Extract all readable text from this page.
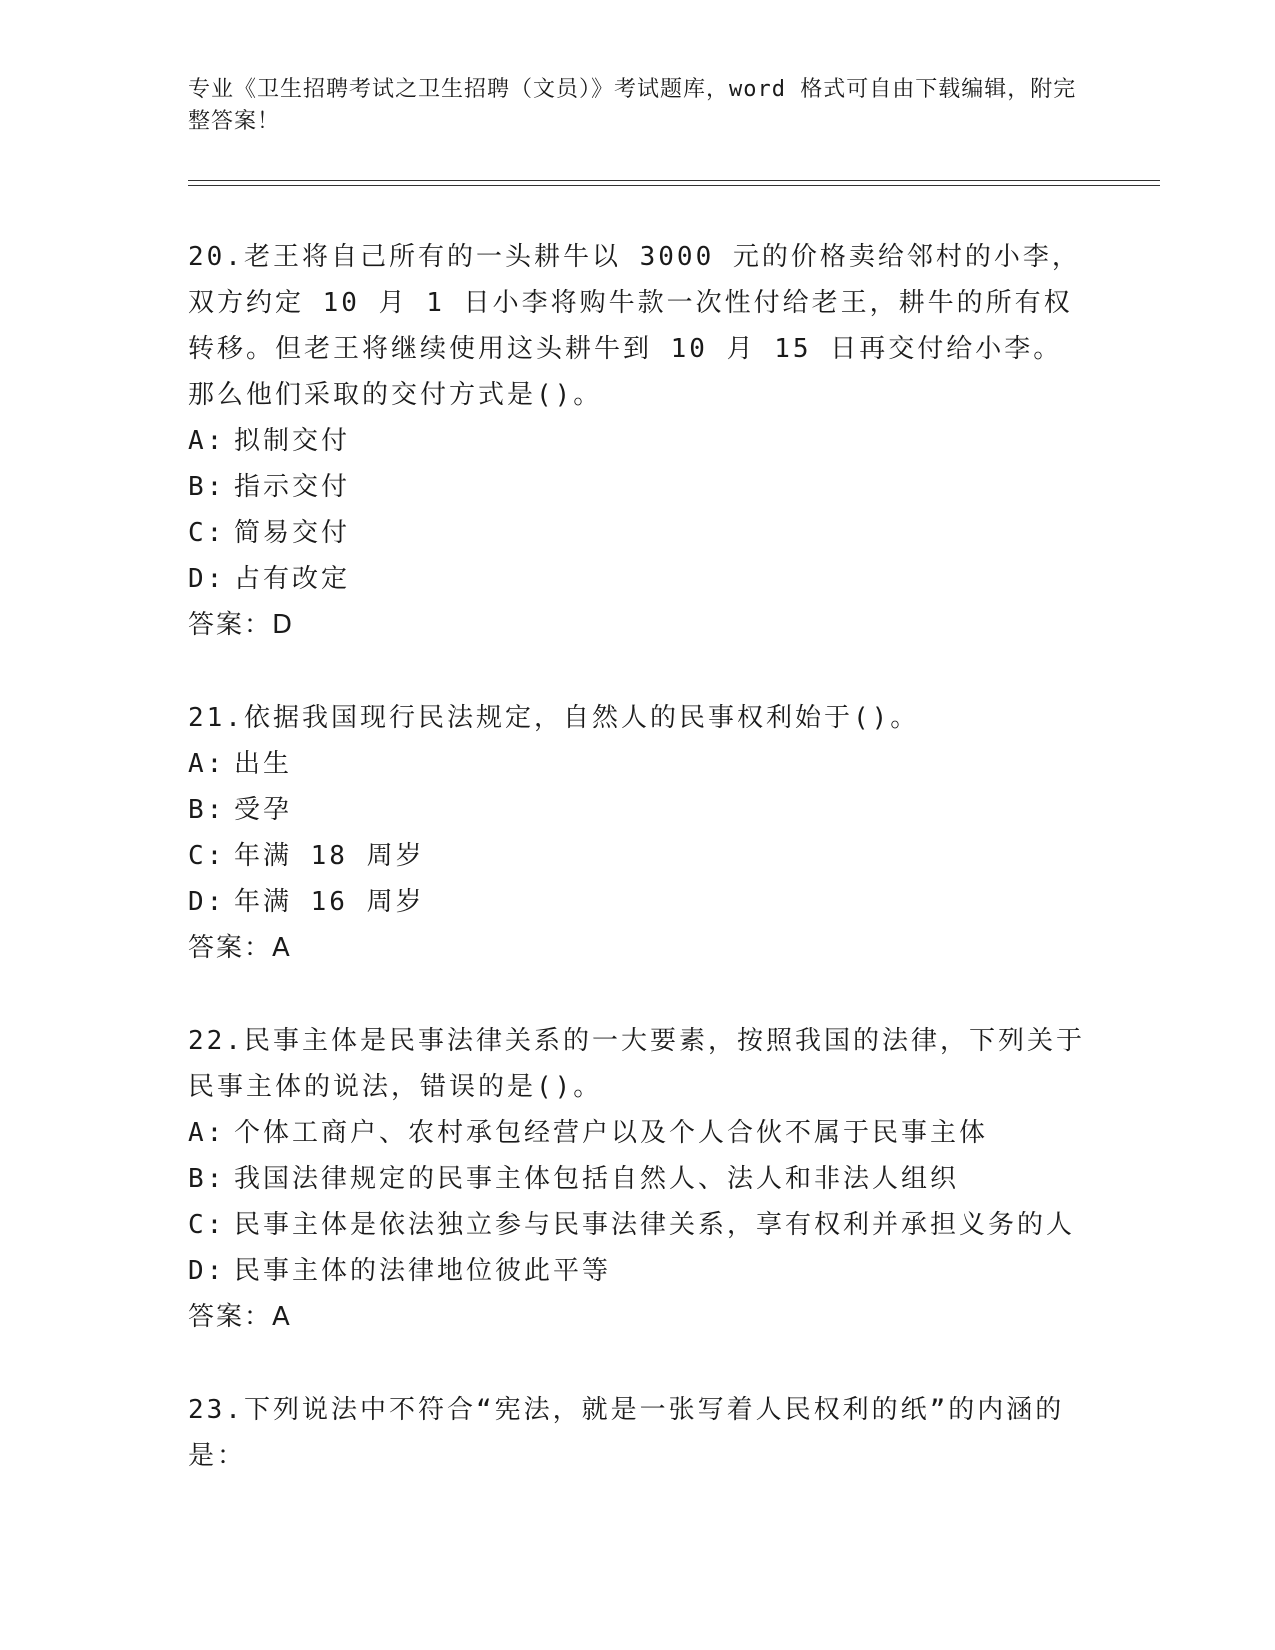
专业《卫生招聘考试之卫生招聘（文员）》考试题库，word 格式可自由下载编辑，附完整答案！

20.老王将自己所有的一头耕牛以 3000 元的价格卖给邻村的小李，双方约定 10 月 1 日小李将购牛款一次性付给老王，耕牛的所有权转移。但老王将继续使用这头耕牛到 10 月 15 日再交付给小李。那么他们采取的交付方式是()。

A: 拟制交付

B: 指示交付

C: 简易交付

D: 占有改定

答案：D

21.依据我国现行民法规定，自然人的民事权利始于()。

A: 出生

B: 受孕

C: 年满 18 周岁

D: 年满 16 周岁

答案：A

22.民事主体是民事法律关系的一大要素，按照我国的法律，下列关于民事主体的说法，错误的是()。

A: 个体工商户、农村承包经营户以及个人合伙不属于民事主体

B: 我国法律规定的民事主体包括自然人、法人和非法人组织

C: 民事主体是依法独立参与民事法律关系，享有权利并承担义务的人

D: 民事主体的法律地位彼此平等

答案：A

23.下列说法中不符合“宪法，就是一张写着人民权利的纸”的内涵的是：
